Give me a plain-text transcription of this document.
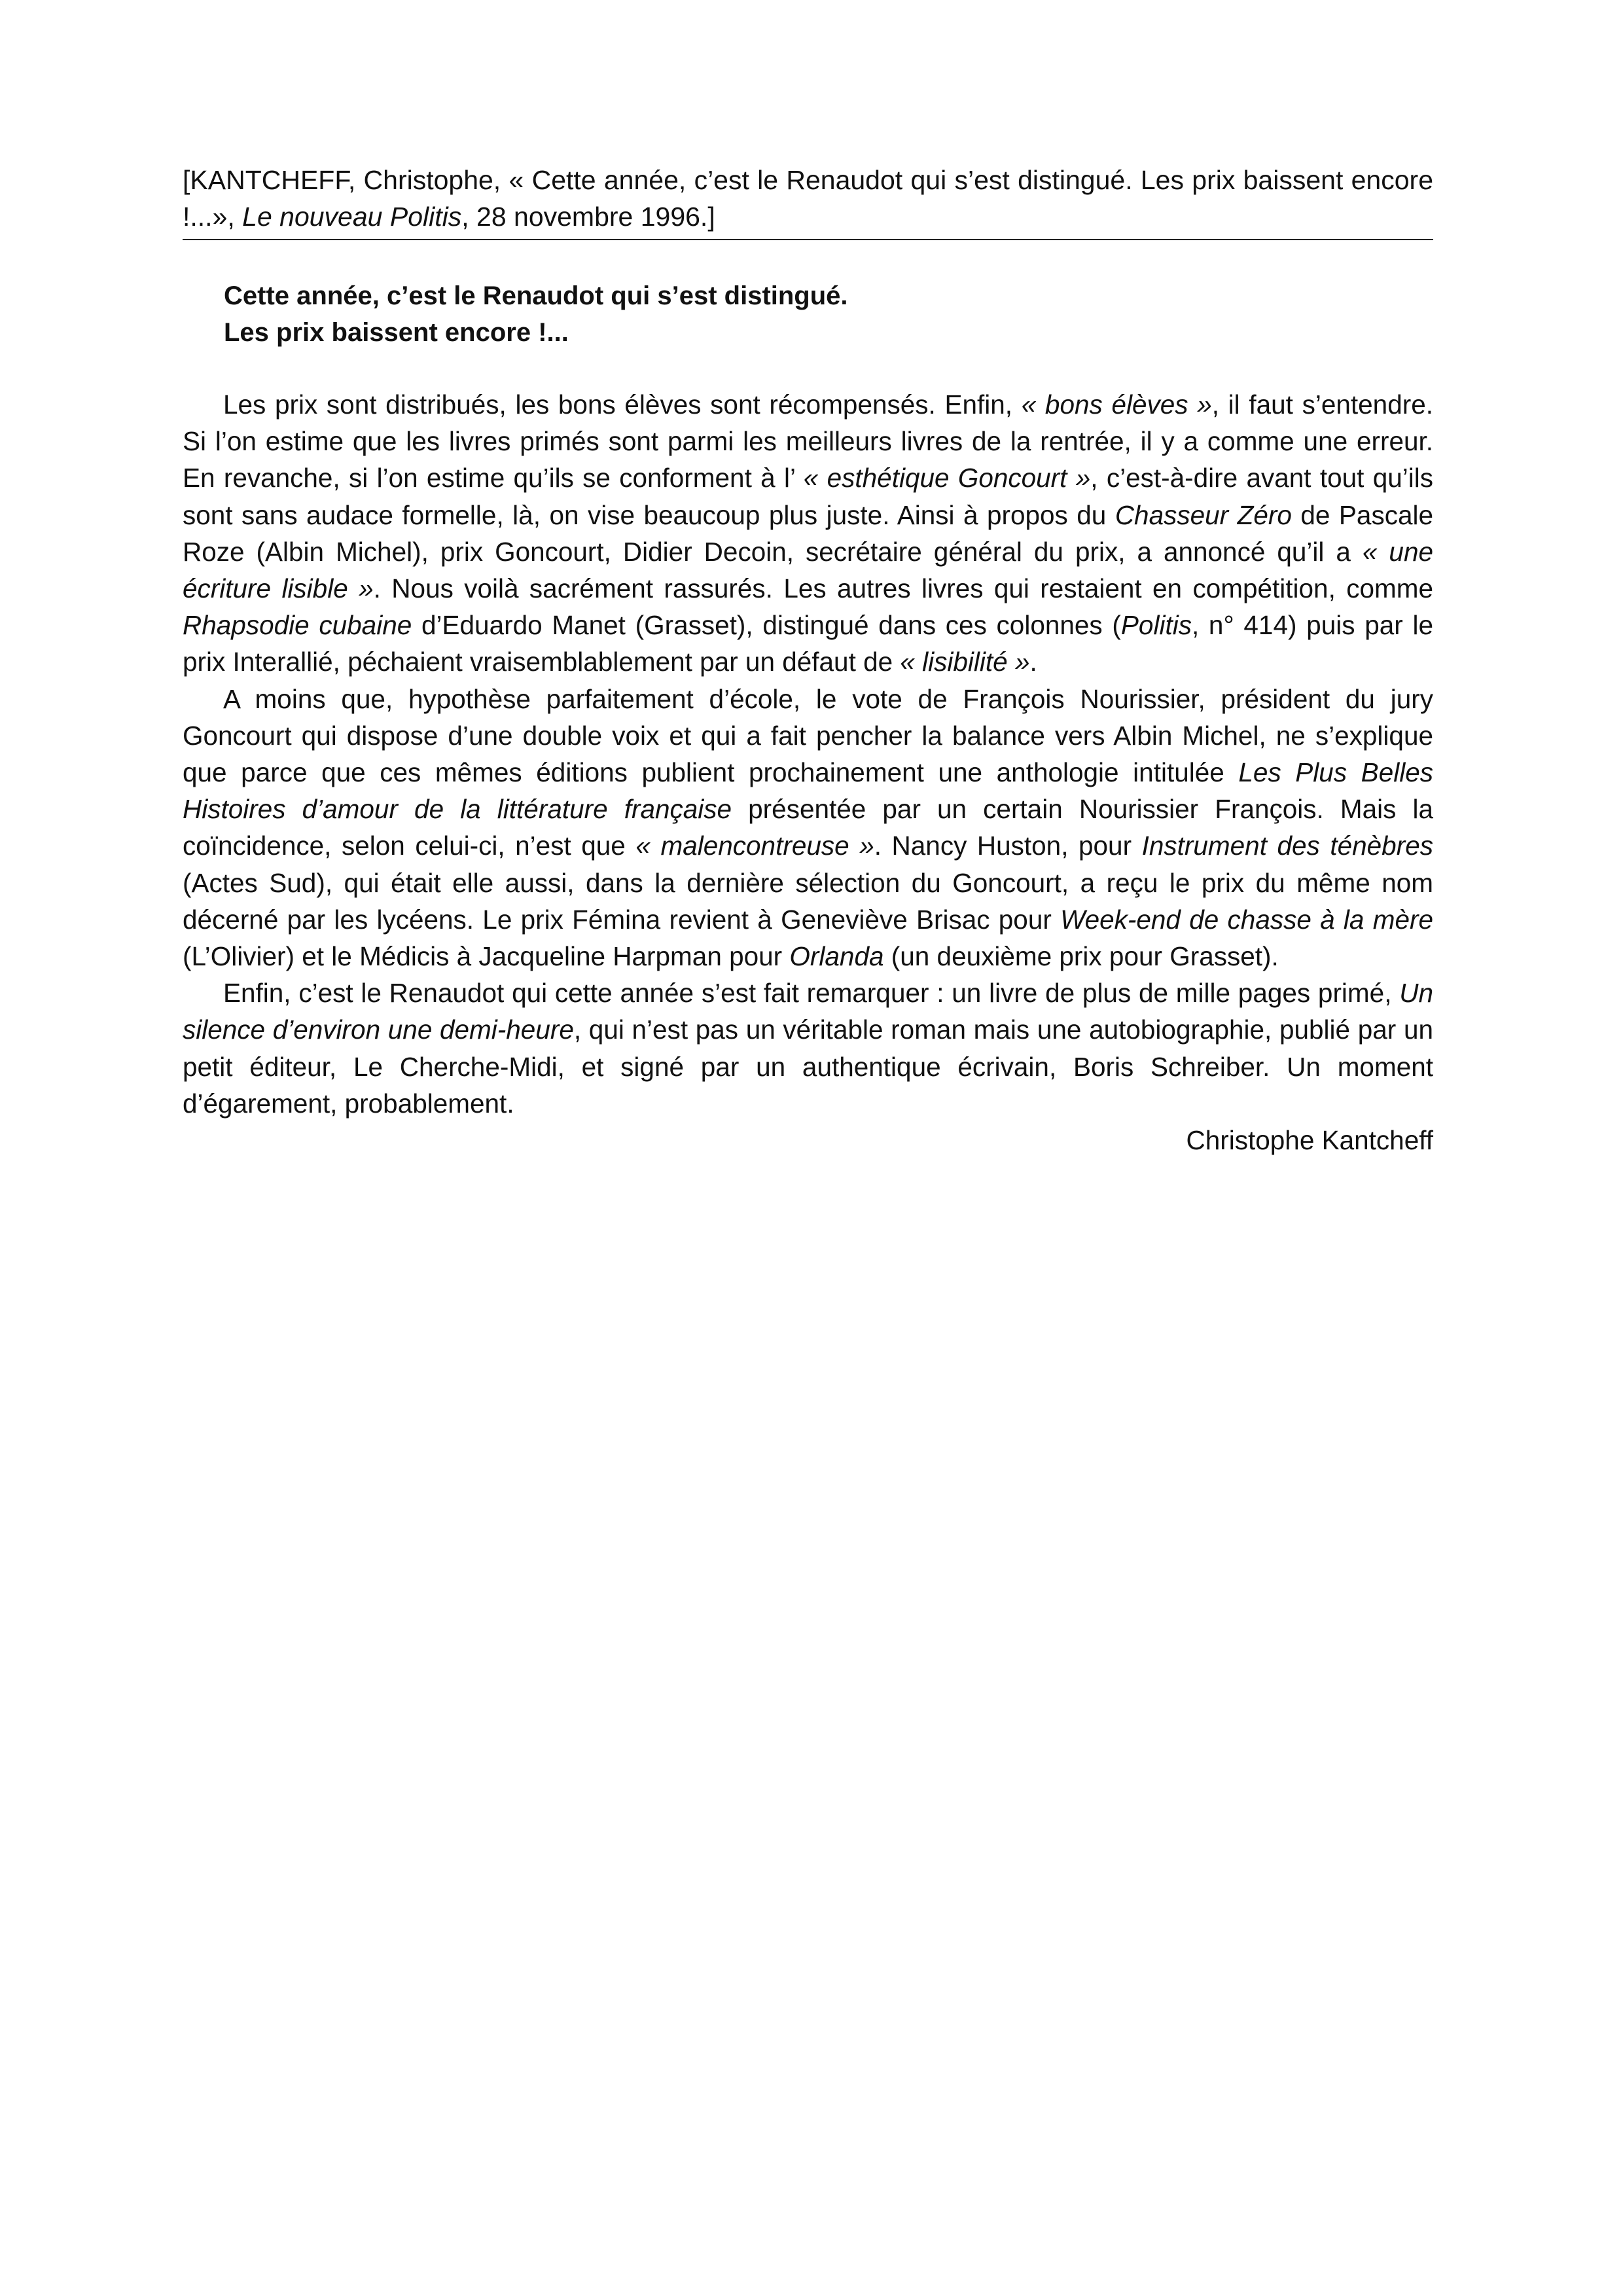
[KANTCHEFF, Christophe, « Cette année, c’est le Renaudot qui s’est distingué. Les prix baissent encore !...», Le nouveau Politis, 28 novembre 1996.]
Cette année, c’est le Renaudot qui s’est distingué.
Les prix baissent encore !...

Les prix sont distribués, les bons élèves sont récompensés. Enfin, « bons élèves », il faut s’entendre. Si l’on estime que les livres primés sont parmi les meilleurs livres de la rentrée, il y a comme une erreur. En revanche, si l’on estime qu’ils se conforment à l’ « esthétique Goncourt », c’est-à-dire avant tout qu’ils sont sans audace formelle, là, on vise beaucoup plus juste. Ainsi à propos du Chasseur Zéro de Pascale Roze (Albin Michel), prix Goncourt, Didier Decoin, secrétaire général du prix, a annoncé qu’il a « une écriture lisible ». Nous voilà sacrément rassurés. Les autres livres qui restaient en compétition, comme Rhapsodie cubaine d’Eduardo Manet (Grasset), distingué dans ces colonnes (Politis, n° 414) puis par le prix Interallié, péchaient vraisemblablement par un défaut de « lisibilité ».

A moins que, hypothèse parfaitement d’école, le vote de François Nourissier, président du jury Goncourt qui dispose d’une double voix et qui a fait pencher la balance vers Albin Michel, ne s’explique que parce que ces mêmes éditions publient prochainement une anthologie intitulée Les Plus Belles Histoires d’amour de la littérature française présentée par un certain Nourissier François. Mais la coïncidence, selon celui-ci, n’est que « malencontreuse ». Nancy Huston, pour Instrument des ténèbres (Actes Sud), qui était elle aussi, dans la dernière sélection du Goncourt, a reçu le prix du même nom décerné par les lycéens. Le prix Fémina revient à Geneviève Brisac pour Week-end de chasse à la mère (L’Olivier) et le Médicis à Jacqueline Harpman pour Orlanda (un deuxième prix pour Grasset).

Enfin, c’est le Renaudot qui cette année s’est fait remarquer : un livre de plus de mille pages primé, Un silence d’environ une demi-heure, qui n’est pas un véritable roman mais une autobiographie, publié par un petit éditeur, Le Cherche-Midi, et signé par un authentique écrivain, Boris Schreiber. Un moment d’égarement, probablement.

Christophe Kantcheff
